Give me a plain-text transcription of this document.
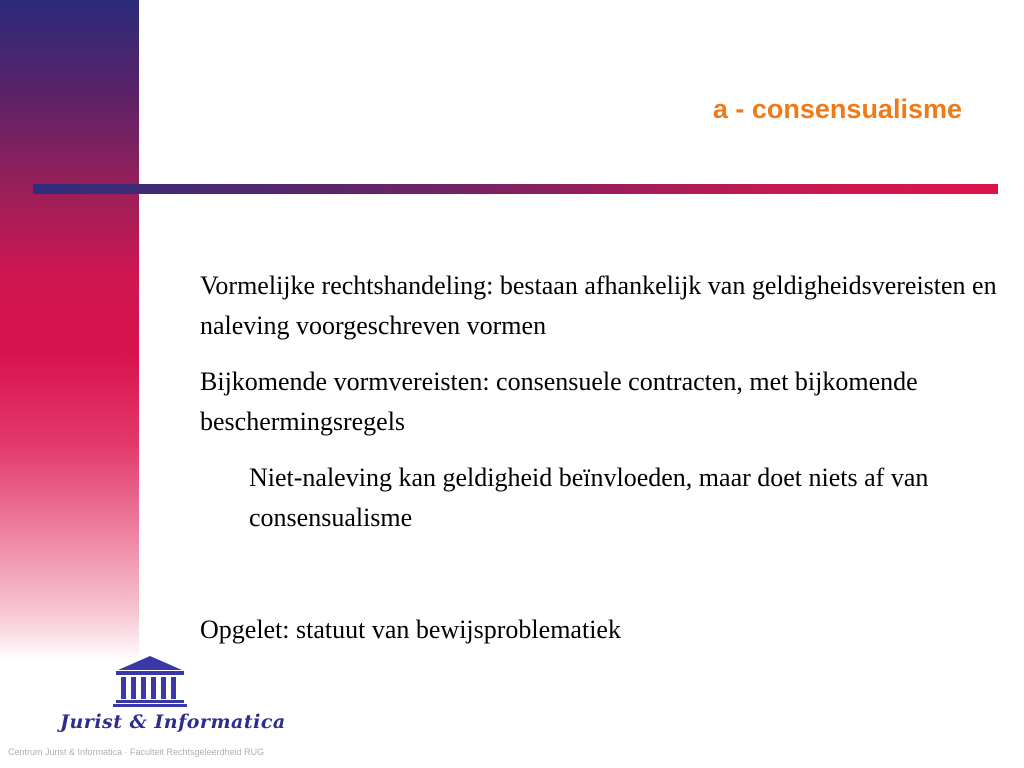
a - consensualisme

Vormelijke rechtshandeling: bestaan afhankelijk van geldigheidsvereisten en naleving voorgeschreven vormen

Bijkomende vormvereisten: consensuele contracten, met bijkomende beschermingsregels

Niet-naleving kan geldigheid beïnvloeden, maar doet niets af van consensualisme

Opgelet: statuut van bewijsproblematiek

Jurist & Informatica
Centrum Jurist & Informatica · Faculteit Rechtsgeleerdheid RUG
